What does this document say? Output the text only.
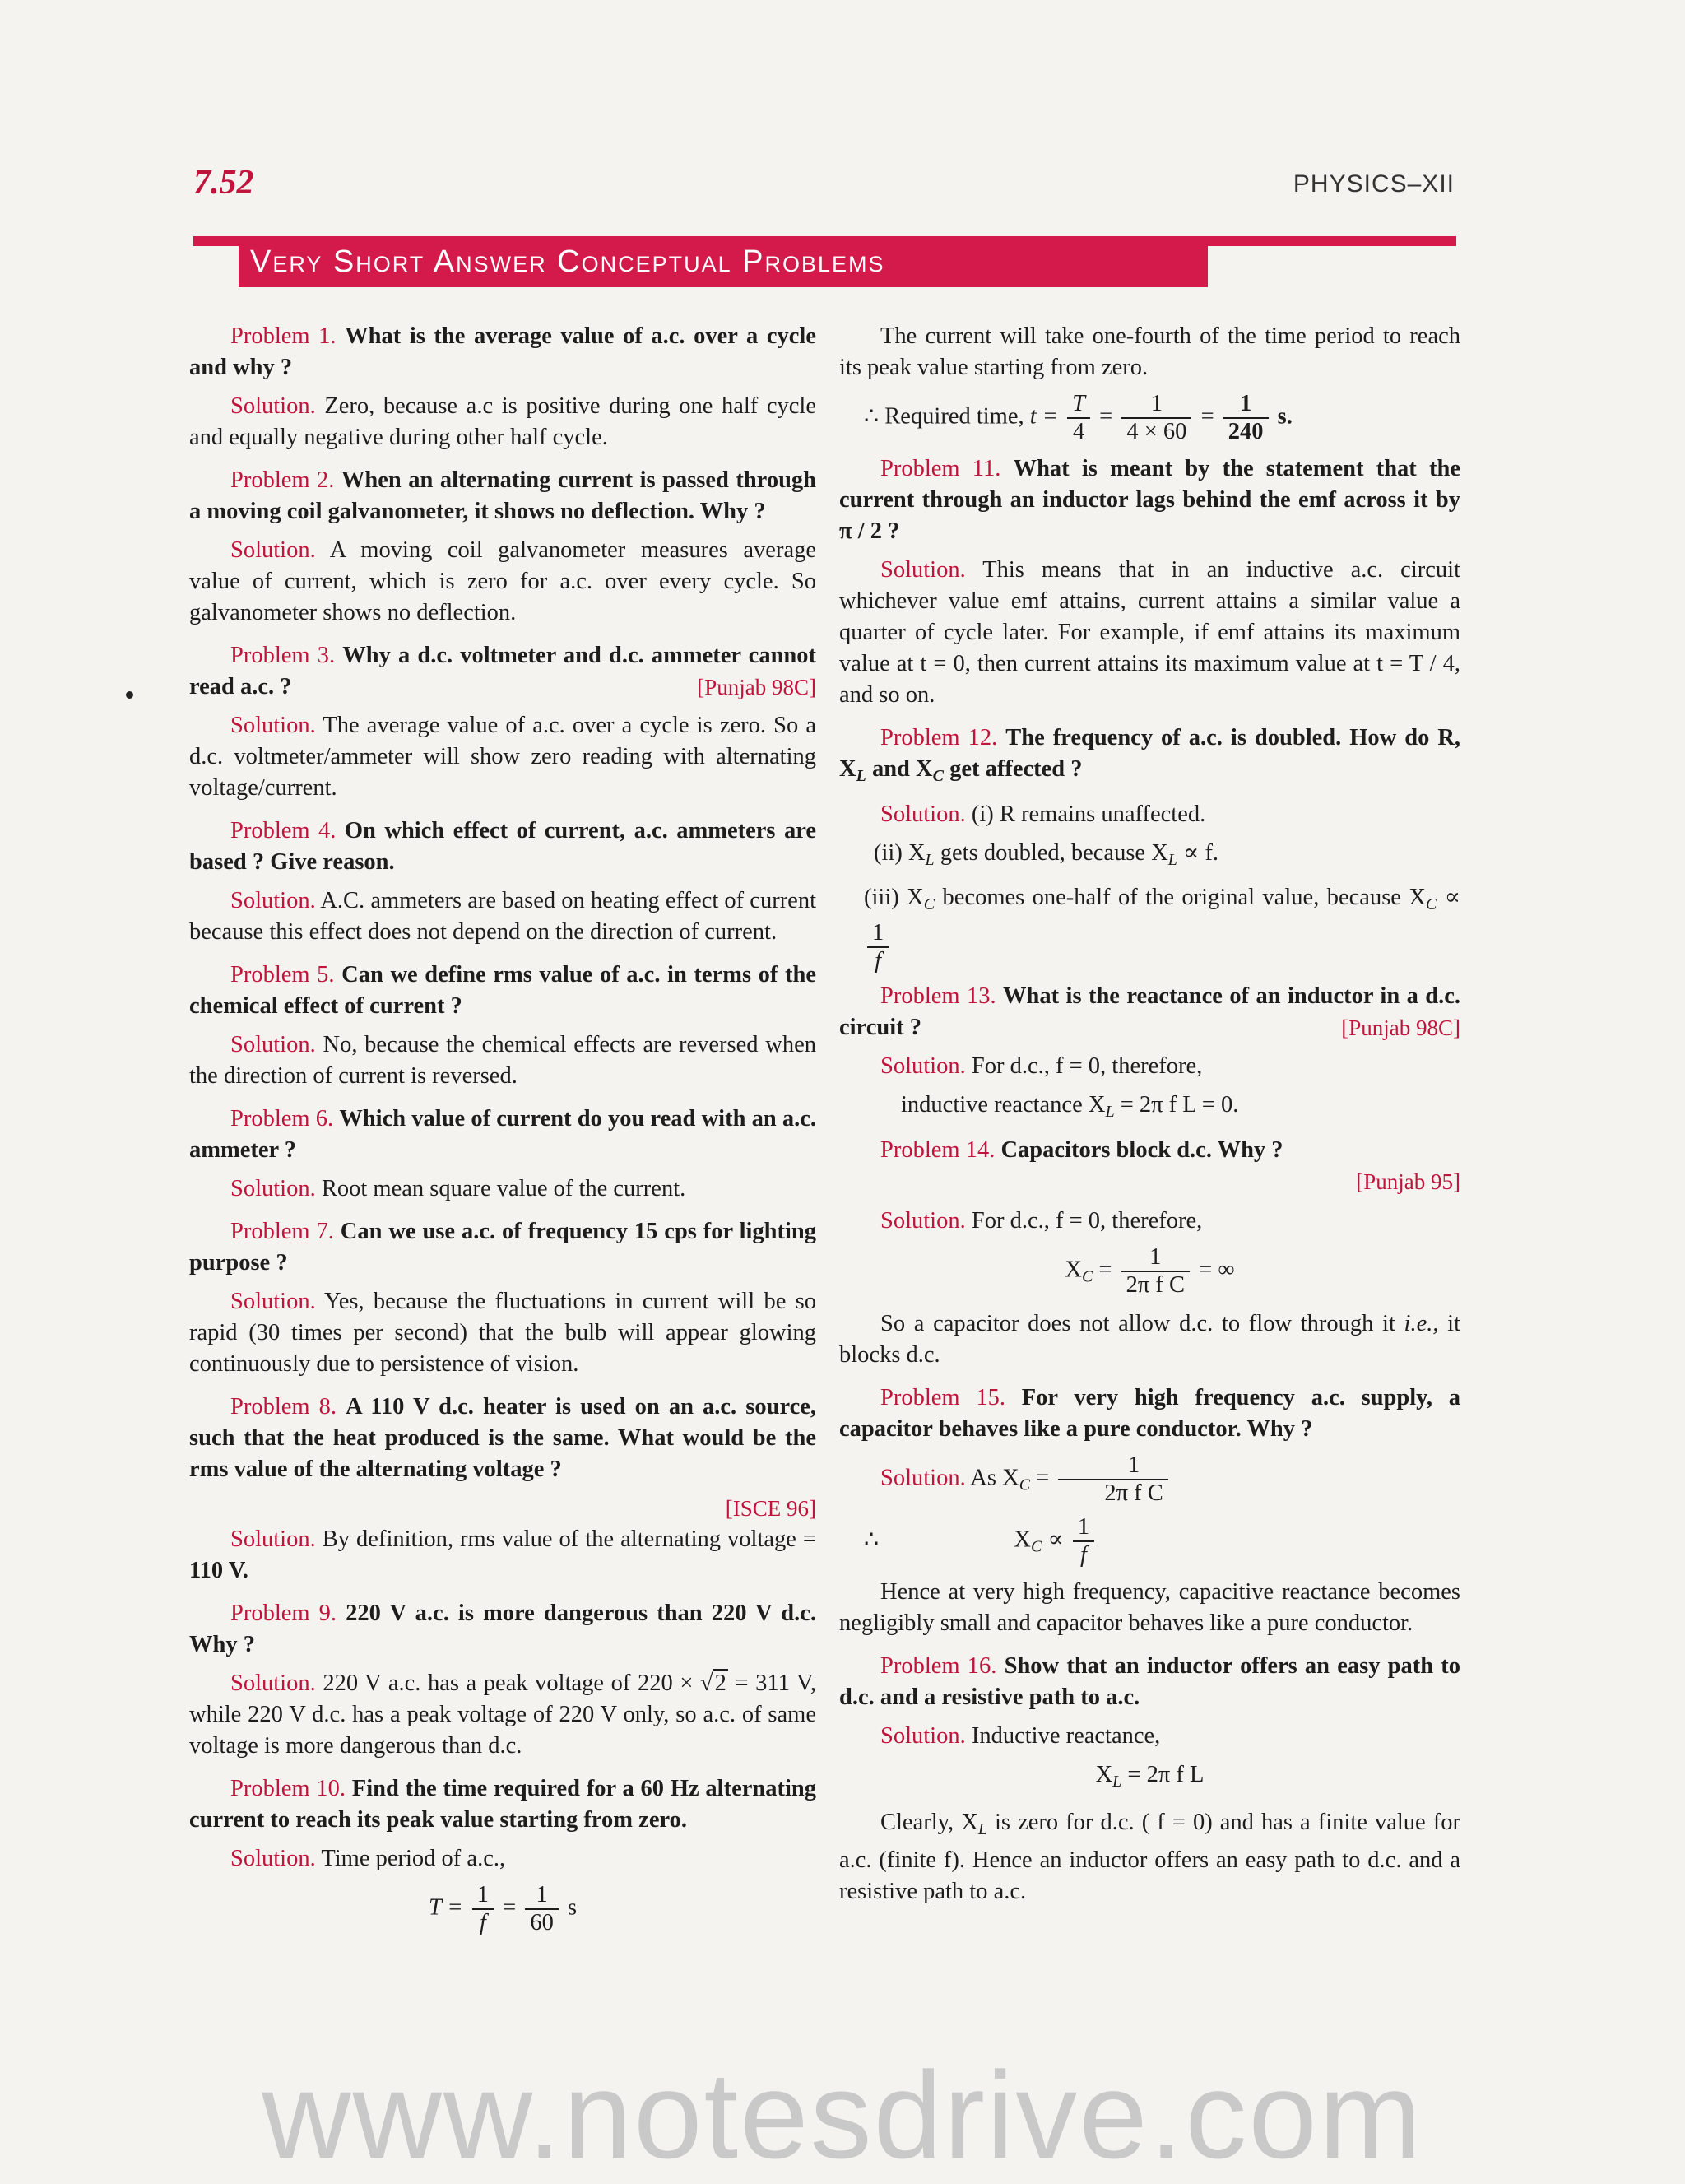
7.52	PHYSICS–XII
Very Short Answer Conceptual Problems

Problem 1. What is the average value of a.c. over a cycle and why ?

Solution. Zero, because a.c is positive during one half cycle and equally negative during other half cycle.

Problem 2. When an alternating current is passed through a moving coil galvanometer, it shows no deflection. Why ?

Solution. A moving coil galvanometer measures average value of current, which is zero for a.c. over every cycle. So galvanometer shows no deflection.

Problem 3. Why a d.c. voltmeter and d.c. ammeter cannot read a.c. ?	[Punjab 98C]

Solution. The average value of a.c. over a cycle is zero. So a d.c. voltmeter/ammeter will show zero reading with alternating voltage/current.

Problem 4. On which effect of current, a.c. ammeters are based ? Give reason.

Solution. A.C. ammeters are based on heating effect of current because this effect does not depend on the direction of current.

Problem 5. Can we define rms value of a.c. in terms of the chemical effect of current ?

Solution. No, because the chemical effects are reversed when the direction of current is reversed.

Problem 6. Which value of current do you read with an a.c. ammeter ?

Solution. Root mean square value of the current.

Problem 7. Can we use a.c. of frequency 15 cps for lighting purpose ?

Solution. Yes, because the fluctuations in current will be so rapid (30 times per second) that the bulb will appear glowing continuously due to persistence of vision.

Problem 8. A 110 V d.c. heater is used on an a.c. source, such that the heat produced is the same. What would be the rms value of the alternating voltage ?

[ISCE 96]

Solution. By definition, rms value of the alternating voltage = 110 V.

Problem 9. 220 V a.c. is more dangerous than 220 V d.c. Why ?

Solution. 220 V a.c. has a peak voltage of 220 × √2 = 311 V, while 220 V d.c. has a peak voltage of 220 V only, so a.c. of same voltage is more dangerous than d.c.

Problem 10. Find the time required for a 60 Hz alternating current to reach its peak value starting from zero.

Solution. Time period of a.c.,

$T = \frac{1}{f} = \frac{1}{60}$ s

The current will take one-fourth of the time period to reach its peak value starting from zero.

∴ Required time, $t = \frac{T}{4} = \frac{1}{4 \times 60} = \frac{1}{240} s$.

Problem 11. What is meant by the statement that the current through an inductor lags behind the emf across it by π / 2 ?

Solution. This means that in an inductive a.c. circuit whichever value emf attains, current attains a similar value a quarter of cycle later. For example, if emf attains its maximum value at t = 0, then current attains its maximum value at t = T / 4, and so on.

Problem 12. The frequency of a.c. is doubled. How do R, $X_L$ and $X_C$ get affected ?

Solution. (i) R remains unaffected.

(ii) $X_L$ gets doubled, because $X_L \propto f$.

(iii) $X_C$ becomes one-half of the original value, because $X_C$ ∝
$\frac{1}{f}$

Problem 13. What is the reactance of an inductor in a d.c. circuit ?	[Punjab 98C]

Solution. For d.c., f = 0, therefore,

inductive reactance $X_L = 2\pi$ f L = 0.

Problem 14. Capacitors block d.c. Why ?

[Punjab 95]

Solution. For d.c., f = 0, therefore,

$X_C = \frac{1}{\text{2π f C}}$ = ∞

So a capacitor does not allow d.c. to flow through it i.e., it blocks d.c.

Problem 15. For very high frequency a.c. supply, a capacitor behaves like a pure conductor. Why ?

Solution. As $X_C = \frac{1}{\text{2π f C}}$

∴	$X_C \propto \frac{1}{f}$

Hence at very high frequency, capacitive reactance becomes negligibly small and capacitor behaves like a pure conductor.

Problem 16. Show that an inductor offers an easy path to d.c. and a resistive path to a.c.

Solution. Inductive reactance,

$X_L = 2\pi$ f L

Clearly, $X_L$ is zero for d.c. ( f = 0) and has a finite value for a.c. (finite f). Hence an inductor offers an easy path to d.c. and a resistive path to a.c.

www.notesdrive.com
